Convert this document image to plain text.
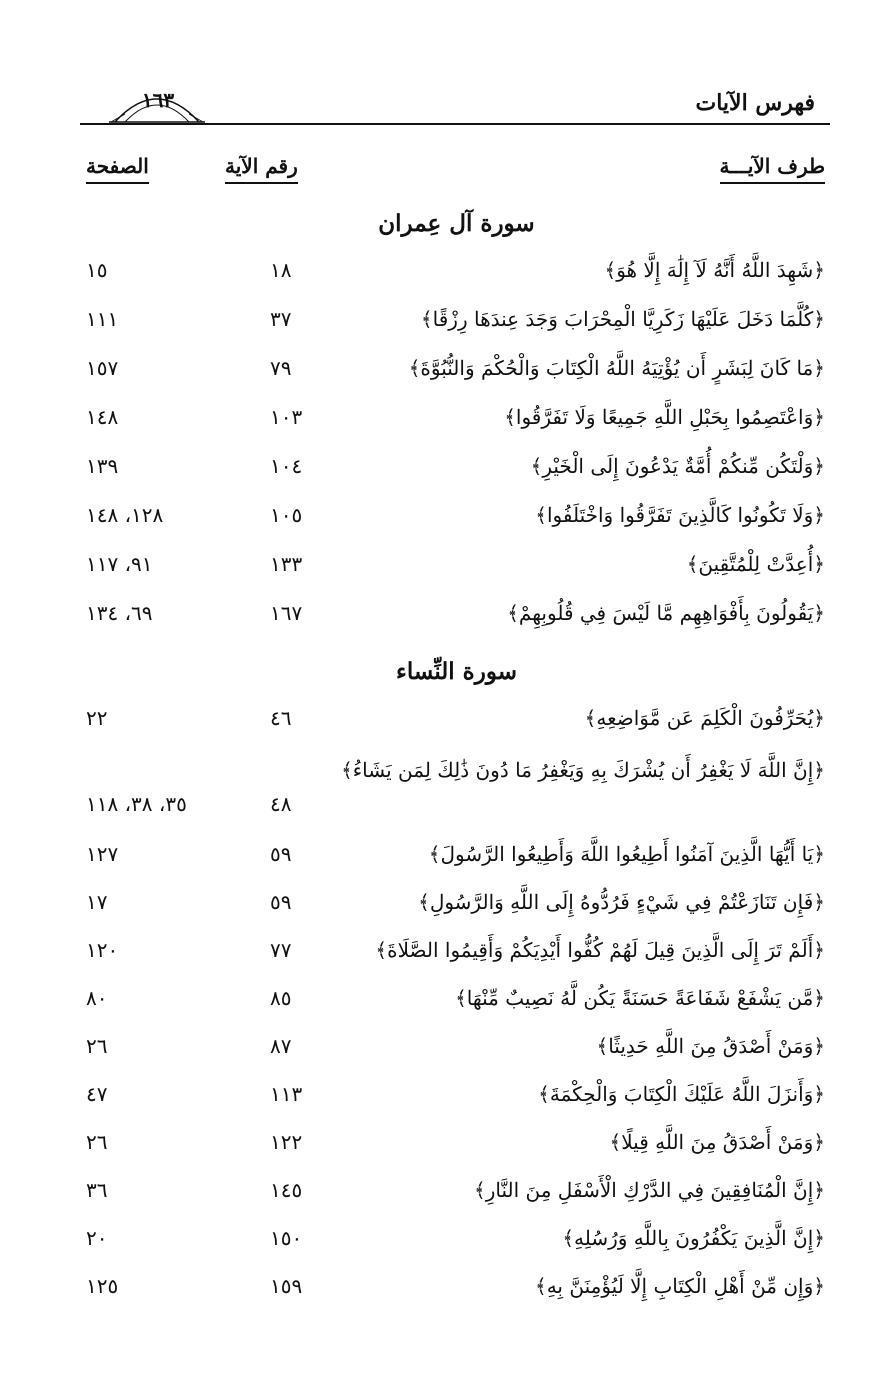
فهرس الآيات
١٦٣
طرف الآيـــة
رقم الآية
الصفحة
سورة آل عِمران
﴿شَهِدَ اللَّهُ أَنَّهُ لَآ إِلَٰهَ إِلَّا هُوَ﴾
١٨
١٥
﴿كُلَّمَا دَخَلَ عَلَيْهَا زَكَرِيَّا الْمِحْرَابَ وَجَدَ عِندَهَا رِزْقًا﴾
٣٧
١١١
﴿مَا كَانَ لِبَشَرٍ أَن يُؤْتِيَهُ اللَّهُ الْكِتَابَ وَالْحُكْمَ وَالنُّبُوَّةَ﴾
٧٩
١٥٧
﴿وَاعْتَصِمُوا بِحَبْلِ اللَّهِ جَمِيعًا وَلَا تَفَرَّقُوا﴾
١٠٣
١٤٨
﴿وَلْتَكُن مِّنكُمْ أُمَّةٌ يَدْعُونَ إِلَى الْخَيْرِ﴾
١٠٤
١٣٩
﴿وَلَا تَكُونُوا كَالَّذِينَ تَفَرَّقُوا وَاخْتَلَفُوا﴾
١٠٥
١٢٨، ١٤٨
﴿أُعِدَّتْ لِلْمُتَّقِينَ﴾
١٣٣
٩١، ١١٧
﴿يَقُولُونَ بِأَفْوَاهِهِم مَّا لَيْسَ فِي قُلُوبِهِمْ﴾
١٦٧
٦٩، ١٣٤
سورة النِّساء
﴿يُحَرِّفُونَ الْكَلِمَ عَن مَّوَاضِعِهِ﴾
٤٦
٢٢
﴿إِنَّ اللَّهَ لَا يَغْفِرُ أَن يُشْرَكَ بِهِ وَيَغْفِرُ مَا دُونَ ذَٰلِكَ لِمَن يَشَاءُ﴾
٤٨
٣٥، ٣٨، ١١٨
﴿يَا أَيُّهَا الَّذِينَ آمَنُوا أَطِيعُوا اللَّهَ وَأَطِيعُوا الرَّسُولَ﴾
٥٩
١٢٧
﴿فَإِن تَنَازَعْتُمْ فِي شَيْءٍ فَرُدُّوهُ إِلَى اللَّهِ وَالرَّسُولِ﴾
٥٩
١٧
﴿أَلَمْ تَرَ إِلَى الَّذِينَ قِيلَ لَهُمْ كُفُّوا أَيْدِيَكُمْ وَأَقِيمُوا الصَّلَاةَ﴾
٧٧
١٢٠
﴿مَّن يَشْفَعْ شَفَاعَةً حَسَنَةً يَكُن لَّهُ نَصِيبٌ مِّنْهَا﴾
٨٥
٨٠
﴿وَمَنْ أَصْدَقُ مِنَ اللَّهِ حَدِيثًا﴾
٨٧
٢٦
﴿وَأَنزَلَ اللَّهُ عَلَيْكَ الْكِتَابَ وَالْحِكْمَةَ﴾
١١٣
٤٧
﴿وَمَنْ أَصْدَقُ مِنَ اللَّهِ قِيلًا﴾
١٢٢
٢٦
﴿إِنَّ الْمُنَافِقِينَ فِي الدَّرْكِ الْأَسْفَلِ مِنَ النَّارِ﴾
١٤٥
٣٦
﴿إِنَّ الَّذِينَ يَكْفُرُونَ بِاللَّهِ وَرُسُلِهِ﴾
١٥٠
٢٠
﴿وَإِن مِّنْ أَهْلِ الْكِتَابِ إِلَّا لَيُؤْمِنَنَّ بِهِ﴾
١٥٩
١٢٥
